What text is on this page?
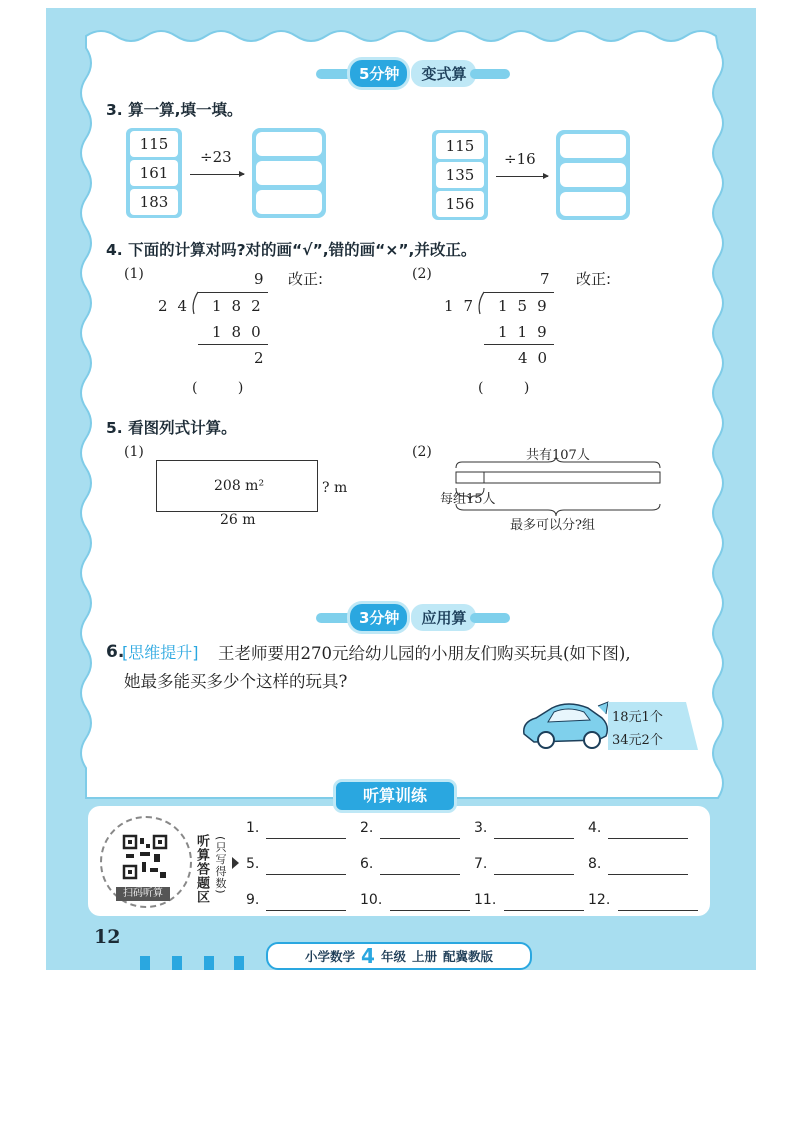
5分钟	变式算
3. 算一算,填一填。
115
161
183
÷23
115
135
156
÷16
4. 下面的计算对吗?对的画“√”,错的画“×”,并改正。
(1)	9 改正:
24 182
180
2
( )
(2)	7 改正:
17 159
119
40
( )
5. 看图列式计算。
(1)
208 m²	? m
26 m
(2)	共有107人
每组15人
最多可以分?组
3分钟	应用算
6.
[思维提升] 王老师要用270元给幼儿园的小朋友们购买玩具(如下图),
她最多能买多少个这样的玩具?
18元1个
34元2个
听算训练
扫码听算	听算答题区 (只写得数)
12
小学数学 4 年级 上册 配冀教版
1.	2.	3.	4.
5.	6.	7.	8.
9.	10.	11.	12.
